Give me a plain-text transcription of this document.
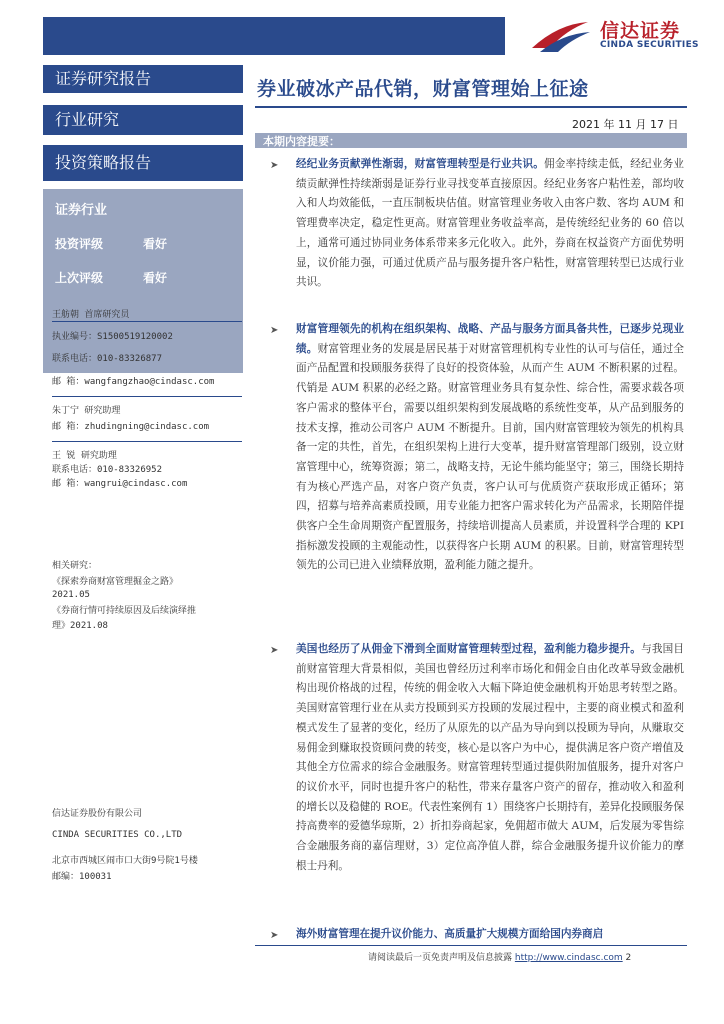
信达证券
CINDA SECURITIES
证券研究报告
行业研究
投资策略报告
证券行业
投资评级	看好
上次评级	看好
王舫朝 首席研究员
执业编号：S1500519120002
联系电话：010-83326877
邮 箱：wangfangzhao@cindasc.com
朱丁宁 研究助理
邮 箱：zhudingning@cindasc.com
王 锐 研究助理
联系电话：010-83326952
邮 箱：wangrui@cindasc.com
相关研究：
《探索券商财富管理掘金之路》
2021.05
《券商行情可持续原因及后续演绎推
理》2021.08
信达证券股份有限公司
CINDA SECURITIES CO.,LTD
北京市西城区闹市口大街9号院1号楼
邮编：100031
券业破冰产品代销，财富管理始上征途
2021 年 11 月 17 日
本期内容提要：
➤ 经纪业务贡献弹性渐弱，财富管理转型是行业共识。佣金率持续走低，经纪业务业绩贡献弹性持续渐弱是证券行业寻找变革直接原因。经纪业务客户粘性差，部均收入和人均效能低，一直压制板块估值。财富管理业务收入由客户数、客均 AUM 和管理费率决定，稳定性更高。财富管理业务收益率高，是传统经纪业务的 60 倍以上，通常可通过协同业务体系带来多元化收入。此外，券商在权益资产方面优势明显，议价能力强，可通过优质产品与服务提升客户粘性，财富管理转型已达成行业共识。
➤ 财富管理领先的机构在组织架构、战略、产品与服务方面具备共性，已逐步兑现业绩。财富管理业务的发展是居民基于对财富管理机构专业性的认可与信任，通过全面产品配置和投顾服务获得了良好的投资体验，从而产生 AUM 不断积累的过程。代销是 AUM 积累的必经之路。财富管理业务具有复杂性、综合性，需要求载各项客户需求的整体平台，需要以组织架构到发展战略的系统性变革，从产品到服务的技术支撑，推动公司客户 AUM 不断提升。目前，国内财富管理较为领先的机构具备一定的共性，首先，在组织架构上进行大变革，提升财富管理部门级别，设立财富管理中心，统筹资源；第二，战略支持，无论牛熊均能坚守；第三，围绕长期持有为核心严选产品，对客户资产负责，客户认可与优质资产获取形成正循环；第四，招募与培养高素质投顾，用专业能力把客户需求转化为产品需求，长期陪伴提供客户全生命周期资产配置服务，持续培训提高人员素质，并设置科学合理的 KPI 指标激发投顾的主观能动性，以获得客户长期 AUM 的积累。目前，财富管理转型领先的公司已进入业绩释放期，盈利能力随之提升。
➤ 美国也经历了从佣金下滑到全面财富管理转型过程，盈利能力稳步提升。与我国目前财富管理大背景相似，美国也曾经历过利率市场化和佣金自由化改革导致金融机构出现价格战的过程，传统的佣金收入大幅下降迫使金融机构开始思考转型之路。美国财富管理行业在从卖方投顾到买方投顾的发展过程中，主要的商业模式和盈利模式发生了显著的变化，经历了从原先的以产品为导向到以投顾为导向，从赚取交易佣金到赚取投资顾问费的转变，核心是以客户为中心，提供满足客户资产增值及其他全方位需求的综合金融服务。财富管理转型通过提供附加值服务，提升对客户的议价水平，同时也提升客户的粘性，带来存量客户资产的留存，推动收入和盈利的增长以及稳健的 ROE。代表性案例有 1）围绕客户长期持有，差异化投顾服务保持高费率的爱德华琼斯，2）折扣券商起家，免佣超市做大 AUM，后发展为零售综合金融服务商的嘉信理财，3）定位高净值人群，综合金融服务提升议价能力的摩根士丹利。
➤ 海外财富管理在提升议价能力、高质量扩大规模方面给国内券商启
请阅读最后一页免责声明及信息披露 http://www.cindasc.com 2
